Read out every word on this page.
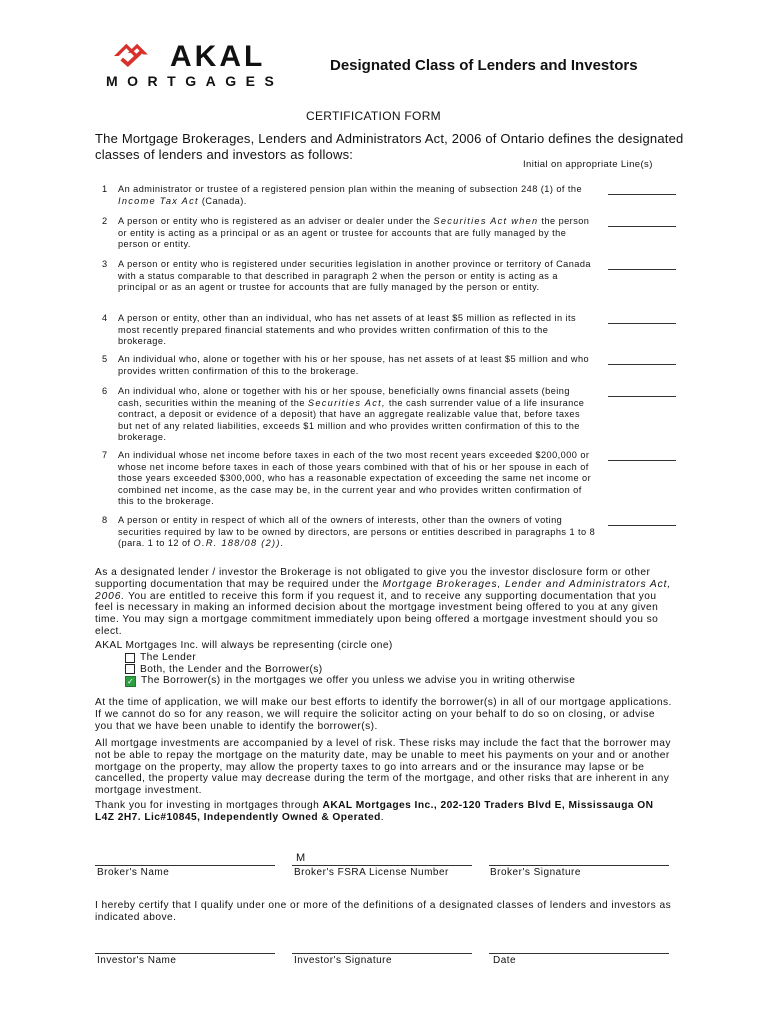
AKAL
MORTGAGES
Designated Class of Lenders and Investors
CERTIFICATION FORM
The Mortgage Brokerages, Lenders and Administrators Act, 2006 of Ontario defines the designated classes of lenders and investors as follows:
Initial on appropriate Line(s)
1	An administrator or trustee of a registered pension plan within the meaning of subsection 248 (1) of the Income Tax Act (Canada).
2	A person or entity who is registered as an adviser or dealer under the Securities Act when the person or entity is acting as a principal or as an agent or trustee for accounts that are fully managed by the person or entity.
3	A person or entity who is registered under securities legislation in another province or territory of Canada with a status comparable to that described in paragraph 2 when the person or entity is acting as a principal or as an agent or trustee for accounts that are fully managed by the person or entity.
4	A person or entity, other than an individual, who has net assets of at least $5 million as reflected in its most recently prepared financial statements and who provides written confirmation of this to the brokerage.
5	An individual who, alone or together with his or her spouse, has net assets of at least $5 million and who provides written confirmation of this to the brokerage.
6	An individual who, alone or together with his or her spouse, beneficially owns financial assets (being cash, securities within the meaning of the Securities Act, the cash surrender value of a life insurance contract, a deposit or evidence of a deposit) that have an aggregate realizable value that, before taxes but net of any related liabilities, exceeds $1 million and who provides written confirmation of this to the brokerage.
7	An individual whose net income before taxes in each of the two most recent years exceeded $200,000 or whose net income before taxes in each of those years combined with that of his or her spouse in each of those years exceeded $300,000, who has a reasonable expectation of exceeding the same net income or combined net income, as the case may be, in the current year and who provides written confirmation of this to the brokerage.
8	A person or entity in respect of which all of the owners of interests, other than the owners of voting securities required by law to be owned by directors, are persons or entities described in paragraphs 1 to 8 (para. 1 to 12 of O.R. 188/08 (2)).
As a designated lender / investor the Brokerage is not obligated to give you the investor disclosure form or other supporting documentation that may be required under the Mortgage Brokerages, Lender and Administrators Act, 2006. You are entitled to receive this form if you request it, and to receive any supporting documentation that you feel is necessary in making an informed decision about the mortgage investment being offered to you at any given time. You may sign a mortgage commitment immediately upon being offered a mortgage investment should you so elect.
AKAL Mortgages Inc. will always be representing (circle one)
The Lender
Both, the Lender and the Borrower(s)
✓ The Borrower(s) in the mortgages we offer you unless we advise you in writing otherwise
At the time of application, we will make our best efforts to identify the borrower(s) in all of our mortgage applications. If we cannot do so for any reason, we will require the solicitor acting on your behalf to do so on closing, or advise you that we have been unable to identify the borrower(s).
All mortgage investments are accompanied by a level of risk. These risks may include the fact that the borrower may not be able to repay the mortgage on the maturity date, may be unable to meet his payments on your and or another mortgage on the property, may allow the property taxes to go into arrears and or the insurance may lapse or be cancelled, the property value may decrease during the term of the mortgage, and other risks that are inherent in any mortgage investment.
Thank you for investing in mortgages through AKAL Mortgages Inc., 202-120 Traders Blvd E, Mississauga ON L4Z 2H7. Lic#10845, Independently Owned & Operated.
M
Broker's Name	Broker's FSRA License Number	Broker's Signature
I hereby certify that I qualify under one or more of the definitions of a designated classes of lenders and investors as indicated above.
Investor's Name	Investor's Signature	Date
